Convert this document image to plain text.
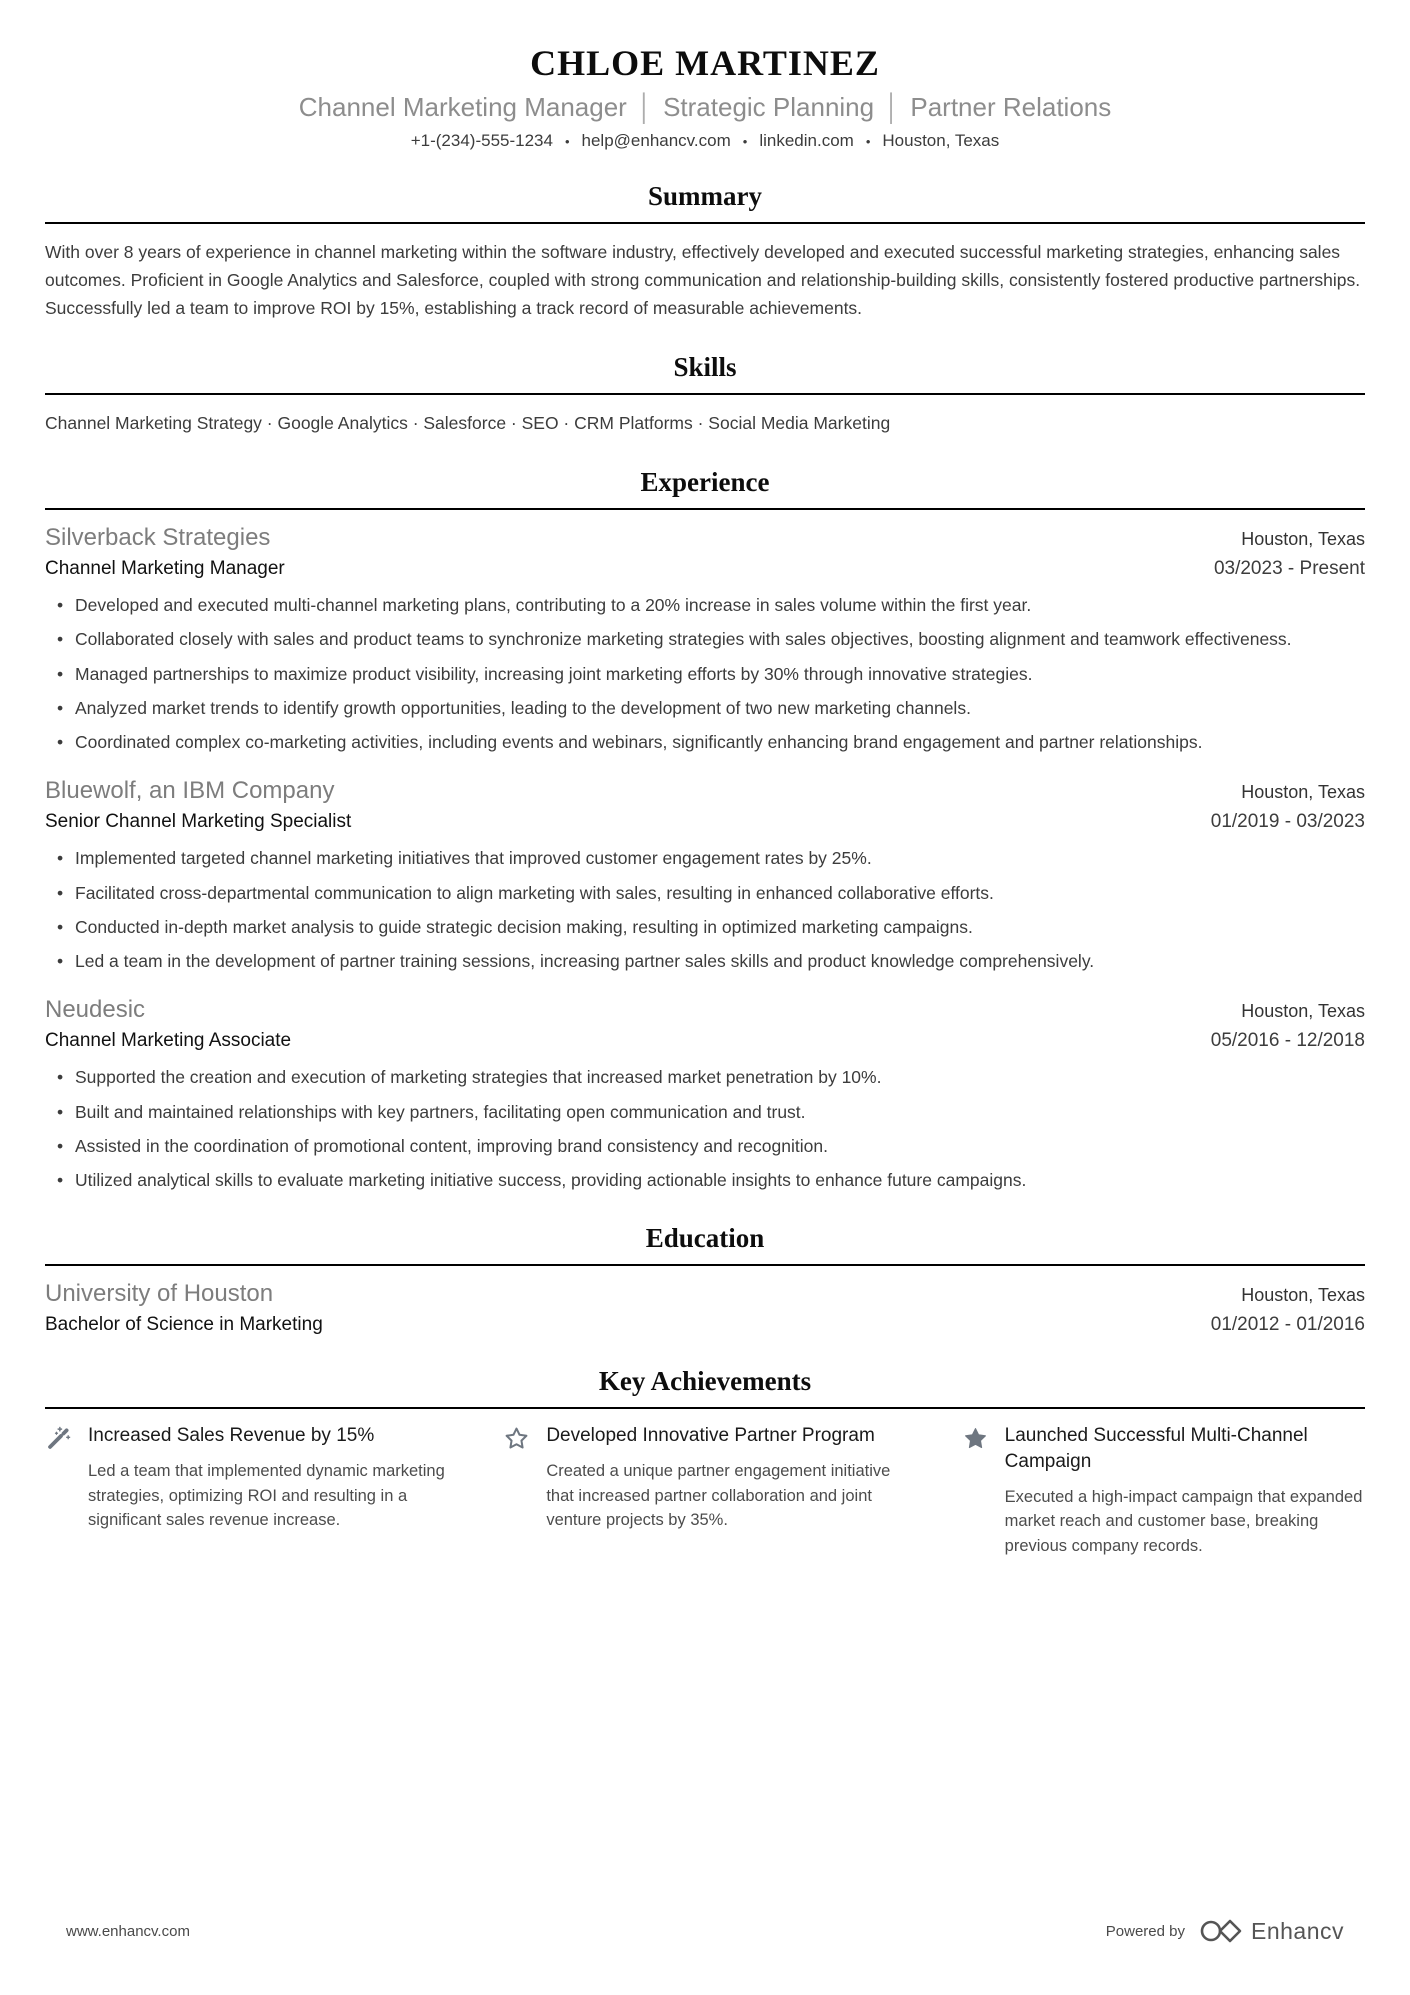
CHLOE MARTINEZ
Channel Marketing Manager │ Strategic Planning │ Partner Relations
+1-(234)-555-1234 • help@enhancv.com • linkedin.com • Houston, Texas
Summary
With over 8 years of experience in channel marketing within the software industry, effectively developed and executed successful marketing strategies, enhancing sales outcomes. Proficient in Google Analytics and Salesforce, coupled with strong communication and relationship-building skills, consistently fostered productive partnerships. Successfully led a team to improve ROI by 15%, establishing a track record of measurable achievements.
Skills
Channel Marketing Strategy · Google Analytics · Salesforce · SEO · CRM Platforms · Social Media Marketing
Experience
Silverback Strategies	Houston, Texas
Channel Marketing Manager	03/2023 - Present
• Developed and executed multi-channel marketing plans, contributing to a 20% increase in sales volume within the first year.
• Collaborated closely with sales and product teams to synchronize marketing strategies with sales objectives, boosting alignment and teamwork effectiveness.
• Managed partnerships to maximize product visibility, increasing joint marketing efforts by 30% through innovative strategies.
• Analyzed market trends to identify growth opportunities, leading to the development of two new marketing channels.
• Coordinated complex co-marketing activities, including events and webinars, significantly enhancing brand engagement and partner relationships.
Bluewolf, an IBM Company	Houston, Texas
Senior Channel Marketing Specialist	01/2019 - 03/2023
• Implemented targeted channel marketing initiatives that improved customer engagement rates by 25%.
• Facilitated cross-departmental communication to align marketing with sales, resulting in enhanced collaborative efforts.
• Conducted in-depth market analysis to guide strategic decision making, resulting in optimized marketing campaigns.
• Led a team in the development of partner training sessions, increasing partner sales skills and product knowledge comprehensively.
Neudesic	Houston, Texas
Channel Marketing Associate	05/2016 - 12/2018
• Supported the creation and execution of marketing strategies that increased market penetration by 10%.
• Built and maintained relationships with key partners, facilitating open communication and trust.
• Assisted in the coordination of promotional content, improving brand consistency and recognition.
• Utilized analytical skills to evaluate marketing initiative success, providing actionable insights to enhance future campaigns.
Education
University of Houston	Houston, Texas
Bachelor of Science in Marketing	01/2012 - 01/2016
Key Achievements
Increased Sales Revenue by 15%
Led a team that implemented dynamic marketing strategies, optimizing ROI and resulting in a significant sales revenue increase.
Developed Innovative Partner Program
Created a unique partner engagement initiative that increased partner collaboration and joint venture projects by 35%.
Launched Successful Multi-Channel Campaign
Executed a high-impact campaign that expanded market reach and customer base, breaking previous company records.
www.enhancv.com	Powered by	Enhancv
